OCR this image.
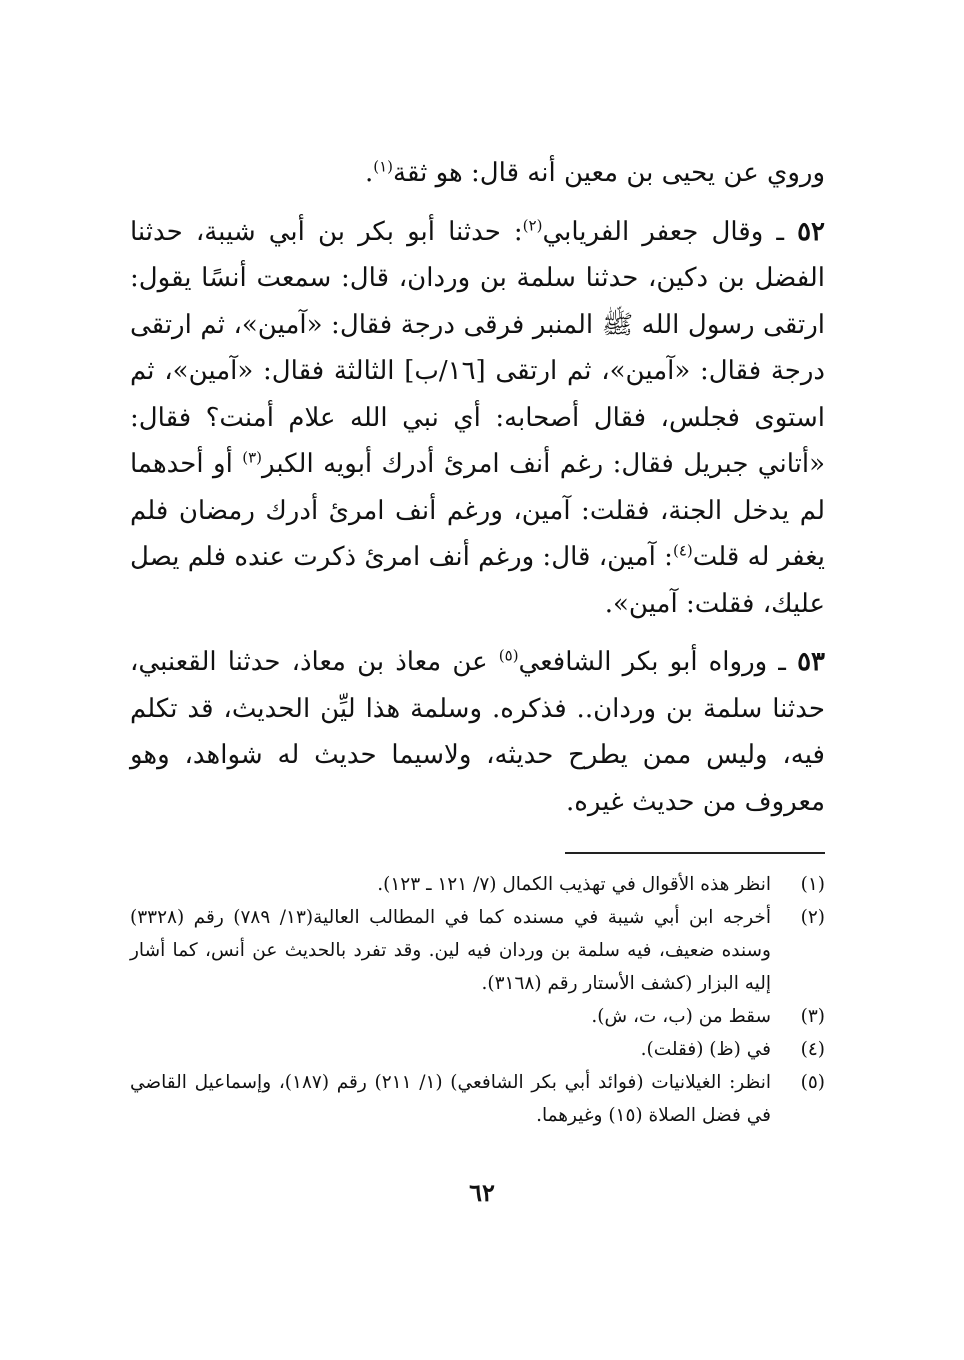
وروي عن يحيى بن معين أنه قال: هو ثقة$^{(١)}$.

٥٢ ـ وقال جعفر الفريابي$^{(٢)}$: حدثنا أبو بكر بن أبي شيبة، حدثنا الفضل بن دكين، حدثنا سلمة بن وردان، قال: سمعت أنسًا يقول: ارتقى رسول الله ﷺ المنبر فرقى درجة فقال: «آمين»، ثم ارتقى درجة فقال: «آمين»، ثم ارتقى [١٦/ب] الثالثة فقال: «آمين»، ثم استوى فجلس، فقال أصحابه: أي نبي الله علام أمنت؟ فقال: «أتاني جبريل فقال: رغم أنف امرئ أدرك أبويه الكبر$^{(٣)}$ أو أحدهما لم يدخل الجنة، فقلت: آمين، ورغم أنف امرئ أدرك رمضان فلم يغفر له قلت$^{(٤)}$: آمين، قال: ورغم أنف امرئ ذكرت عنده فلم يصل عليك، فقلت: آمين».

٥٣ ـ ورواه أبو بكر الشافعي$^{(٥)}$ عن معاذ بن معاذ، حدثنا القعنبي، حدثنا سلمة بن وردان.. فذكره. وسلمة هذا ليِّن الحديث، قد تكلم فيه، وليس ممن يطرح حديثه، ولاسيما حديث له شواهد، وهو معروف من حديث غيره.

(١)
انظر هذه الأقوال في تهذيب الكمال (٧/ ١٢١ ـ ١٢٣).
(٢)
أخرجه ابن أبي شيبة في مسنده كما في المطالب العالية(١٣/ ٧٨٩) رقم (٣٣٢٨) وسنده ضعيف، فيه سلمة بن وردان فيه لين. وقد تفرد بالحديث عن أنس، كما أشار إليه البزار (كشف الأستار رقم (٣١٦٨).
(٣)
سقط من (ب، ت، ش).
(٤)
في (ظ) (فقلت).
(٥)
انظر: الغيلانيات (فوائد أبي بكر الشافعي) (١/ ٢١١) رقم (١٨٧)، وإسماعيل القاضي في فضل الصلاة (١٥) وغيرهما.
٦٢
